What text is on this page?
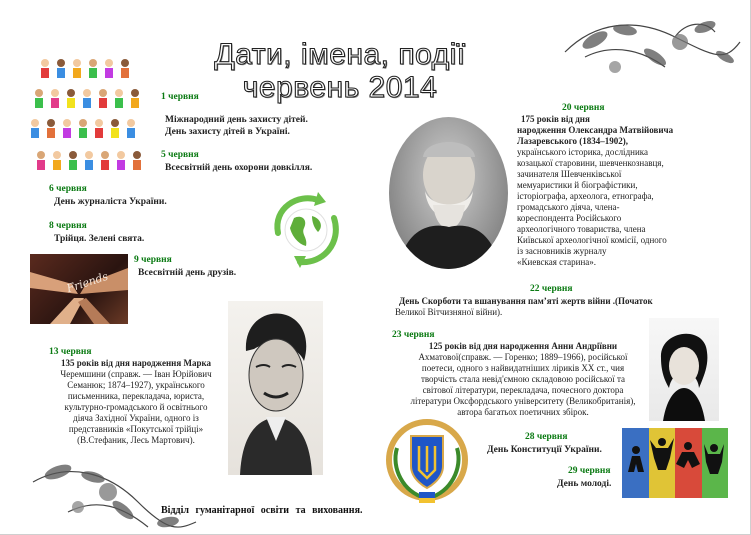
Дати, імена, події
червень 2014
1 червня
Міжнародний день захисту дітей.
День захисту дітей в Україні.
5 червня
Всесвітній день охорони довкілля.
6 червня
День журналіста України.
8 червня
Трійця. Зелені свята.
Friends
9 червня
Всесвітній день друзів.
13 червня
135 років від дня народження Марка
Черемшини (справж. — Іван Юрійович
Семанюк; 1874–1927), українського
письменника, перекладача, юриста,
культурно-громадського й освітнього
діяча Західної України, одного із
представників «Покутської трійці»
(В.Стефаник, Лесь Мартович).
20 червня
175 років від дня
народження Олександра Матвійовича
Лазаревського (1834–1902),
українського історика, дослідника
козацької старовини, шевченкознавця,
зачинателя Шевченківської
мемуаристики й біографістики,
історіографа, археолога, етнографа,
громадського діяча, члена-
кореспондента Російського
археологічного товариства, члена
Київської археологічної комісії, одного
із засновників журналу
«Киевская старина».
22 червня
День Скорботи та вшанування пам’яті жертв війни .(Початок
Великої Вітчизняної війни).
23 червня
125 років від дня народження Анни Андріївни
Ахматової(справж. — Горенко; 1889–1966), російської
поетеси, одного з найвидатніших ліриків XX ст., чия
творчість стала невід'ємною складовою російської та
світової літератури, перекладача, почесного доктора
літератури Оксфордського університету (Великобританія),
автора багатьох поетичних збірок.
28 червня
День Конституції України.
29 червня
День молоді.
Відділ гуманітарної освіти та виховання.
